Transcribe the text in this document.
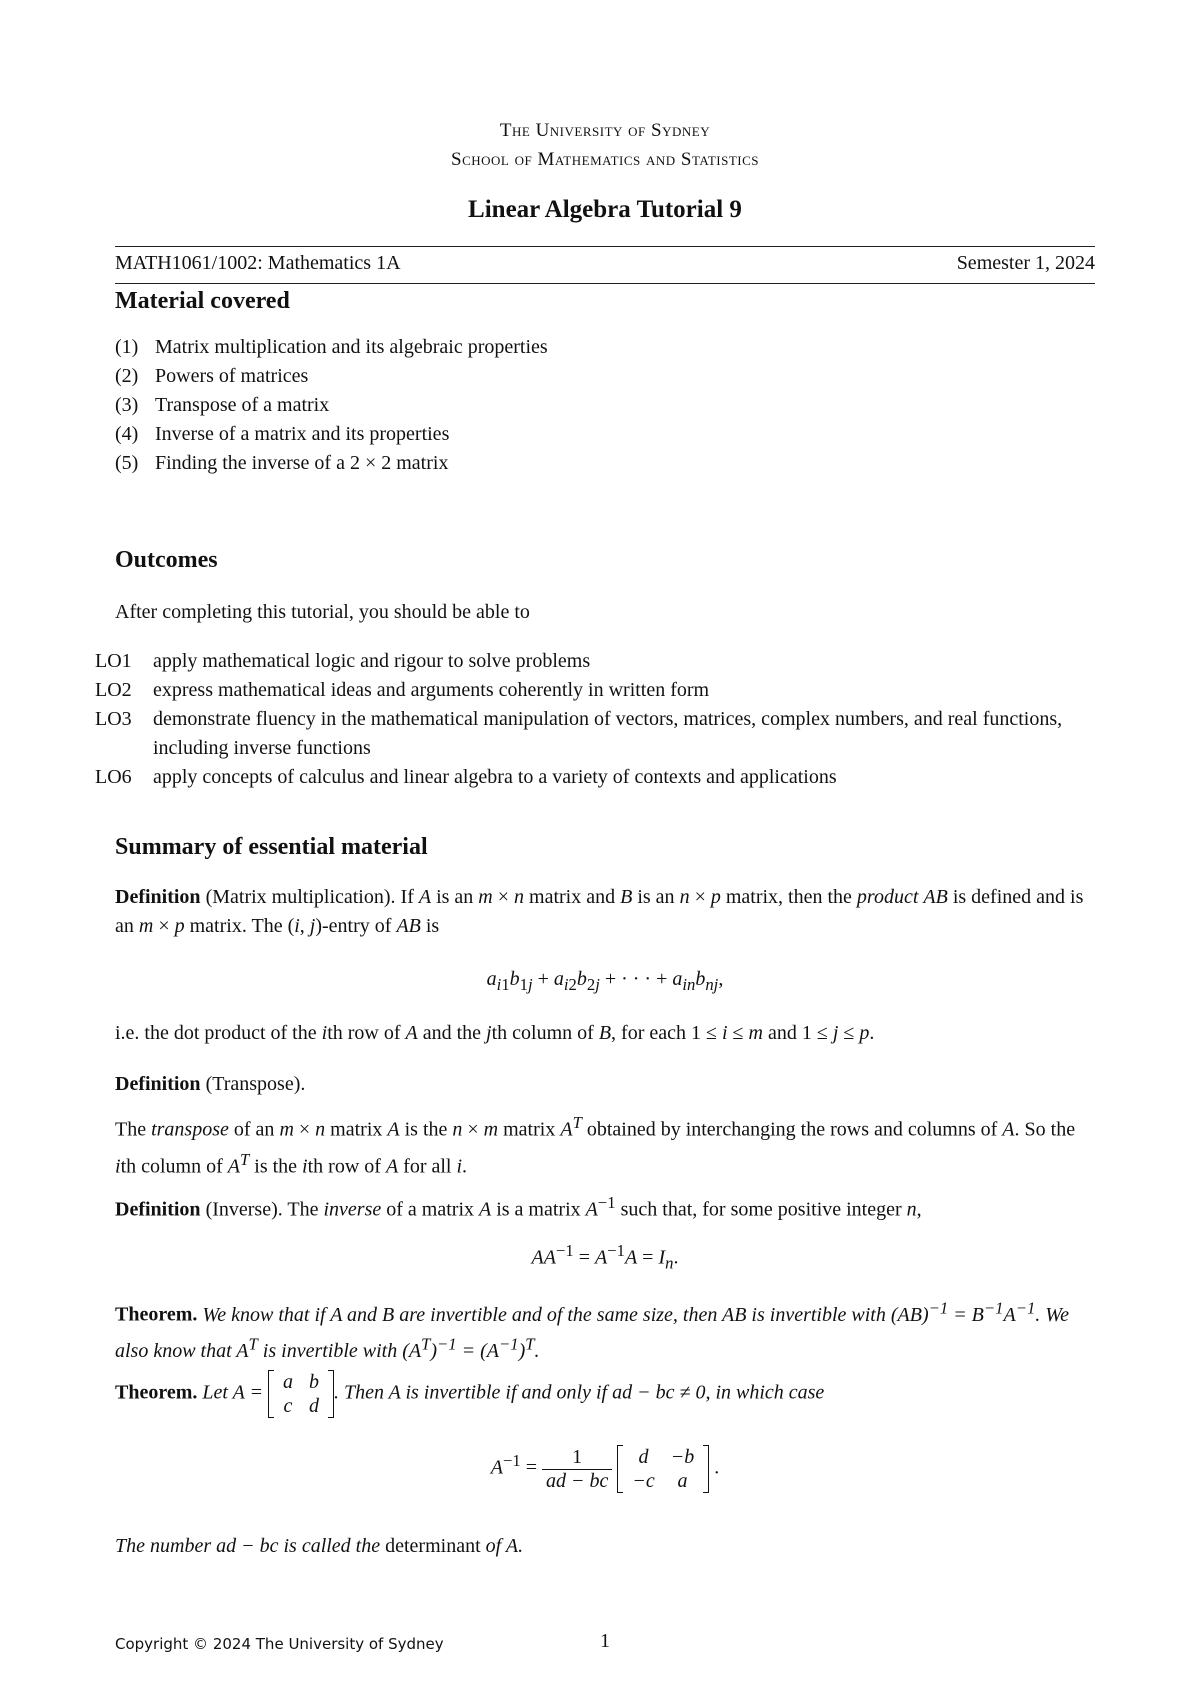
The University of Sydney
School of Mathematics and Statistics
Linear Algebra Tutorial 9
MATH1061/1002: Mathematics 1A	Semester 1, 2024
Material covered
(1) Matrix multiplication and its algebraic properties
(2) Powers of matrices
(3) Transpose of a matrix
(4) Inverse of a matrix and its properties
(5) Finding the inverse of a 2 × 2 matrix
Outcomes
After completing this tutorial, you should be able to
LO1	apply mathematical logic and rigour to solve problems
LO2	express mathematical ideas and arguments coherently in written form
LO3	demonstrate fluency in the mathematical manipulation of vectors, matrices, complex numbers, and real functions, including inverse functions
LO6	apply concepts of calculus and linear algebra to a variety of contexts and applications
Summary of essential material
Definition (Matrix multiplication). If A is an m × n matrix and B is an n × p matrix, then the product AB is defined and is an m × p matrix. The (i, j)-entry of AB is
$a_{i1}b_{1j} + a_{i2}b_{2j}$ + · · · + $a_{in}b_{nj}$,
i.e. the dot product of the ith row of A and the jth column of B, for each 1 ≤ i ≤ m and 1 ≤ j ≤ p.
Definition (Transpose).
The transpose of an m × n matrix A is the n × m matrix $A^T$ obtained by interchanging the rows and columns of A. So the ith column of $A^T$ is the ith row of A for all i.
Definition (Inverse). The inverse of a matrix A is a matrix $A^{-1}$ such that, for some positive integer n,
$AA^{-1} = A^{-1}A = I_n$.
Theorem. We know that if A and B are invertible and of the same size, then AB is invertible with $(AB)^{-1} = B^{-1}A^{-1}$. We also know that $A^T$ is invertible with $(A^T)^{-1} = (A^{-1})^T$.
Theorem. Let A = a	b
c	d
. Then A is invertible if and only if ad − bc ≠ 0, in which case
$A^{-1} = \frac{1}{ad - bc}$
d	−b
−c	a
.
The number ad − bc is called the determinant of A.
Copyright © 2024 The University of Sydney	1
